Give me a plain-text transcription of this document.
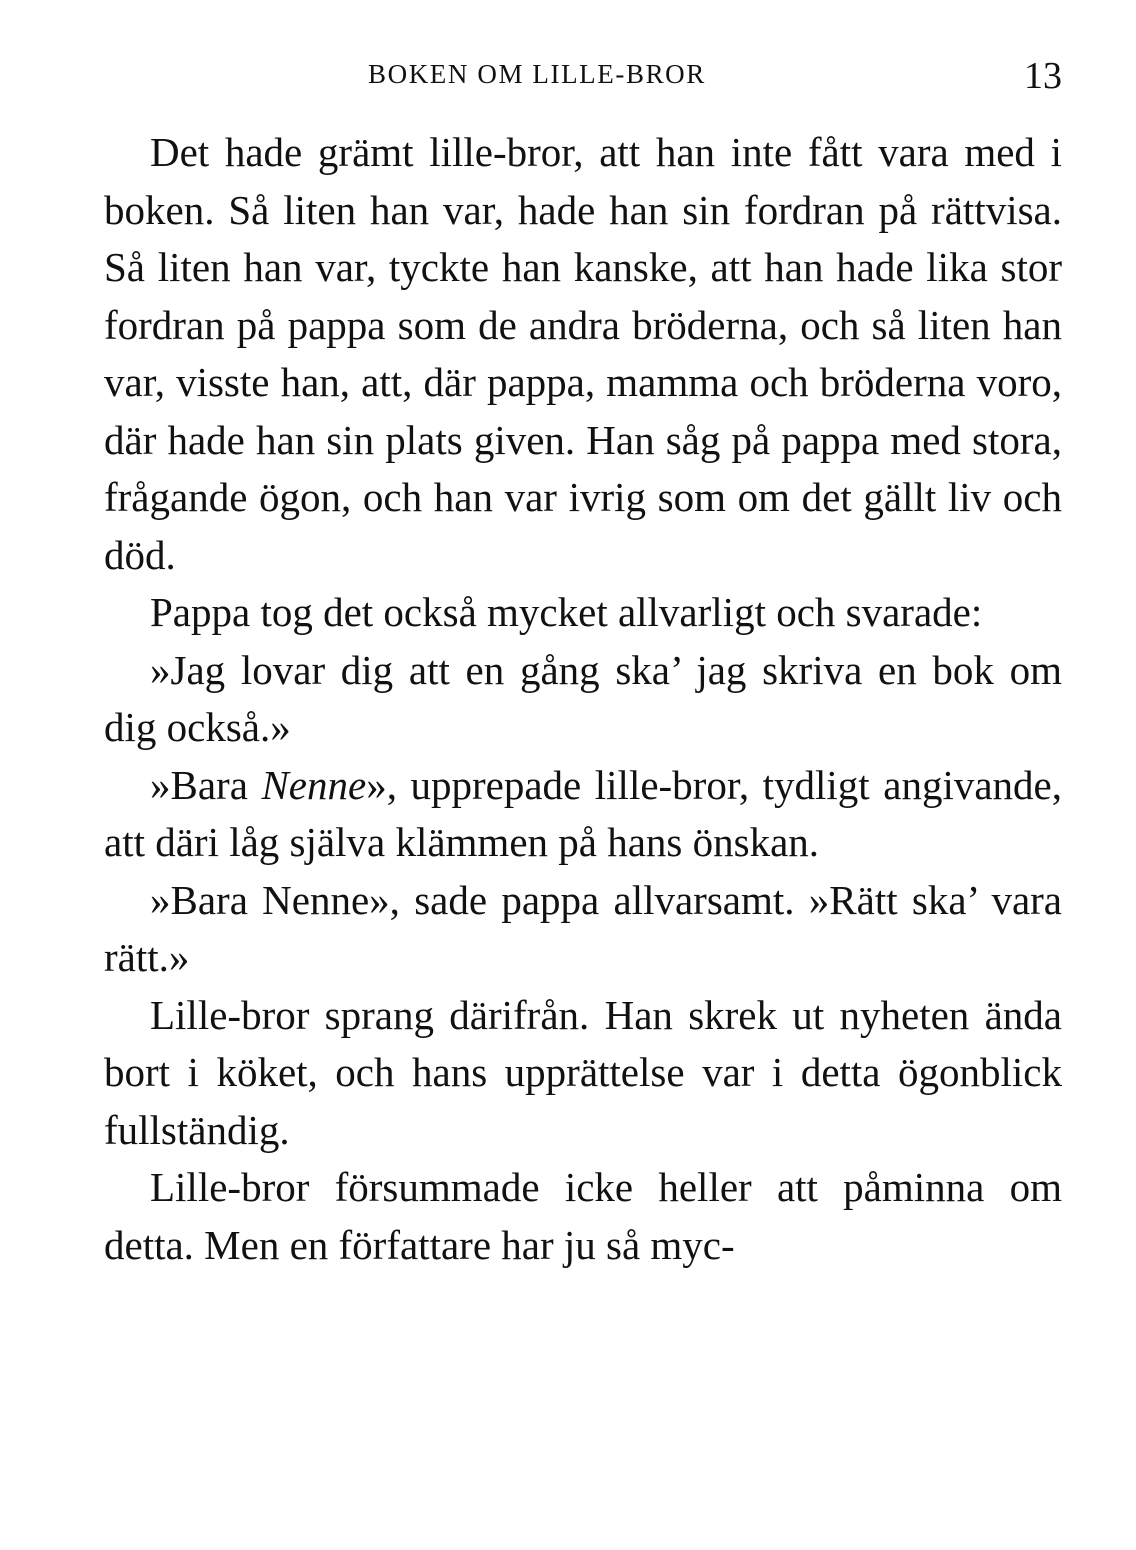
BOKEN OM LILLE-BROR	13

Det hade grämt lille-bror, att han inte fått vara med i boken. Så liten han var, hade han sin fordran på rättvisa. Så liten han var, tyckte han kanske, att han hade lika stor fordran på pappa som de andra bröderna, och så liten han var, visste han, att, där pappa, mamma och bröderna voro, där hade han sin plats given. Han såg på pappa med stora, frågande ögon, och han var ivrig som om det gällt liv och död.

Pappa tog det också mycket allvarligt och svarade:

»Jag lovar dig att en gång ska’ jag skriva en bok om dig också.»

»Bara Nenne», upprepade lille-bror, tydligt angivande, att däri låg själva klämmen på hans önskan.

»Bara Nenne», sade pappa allvarsamt. »Rätt ska’ vara rätt.»

Lille-bror sprang därifrån. Han skrek ut nyheten ända bort i köket, och hans upprättelse var i detta ögonblick fullständig.

Lille-bror försummade icke heller att påminna om detta. Men en författare har ju så myc-
